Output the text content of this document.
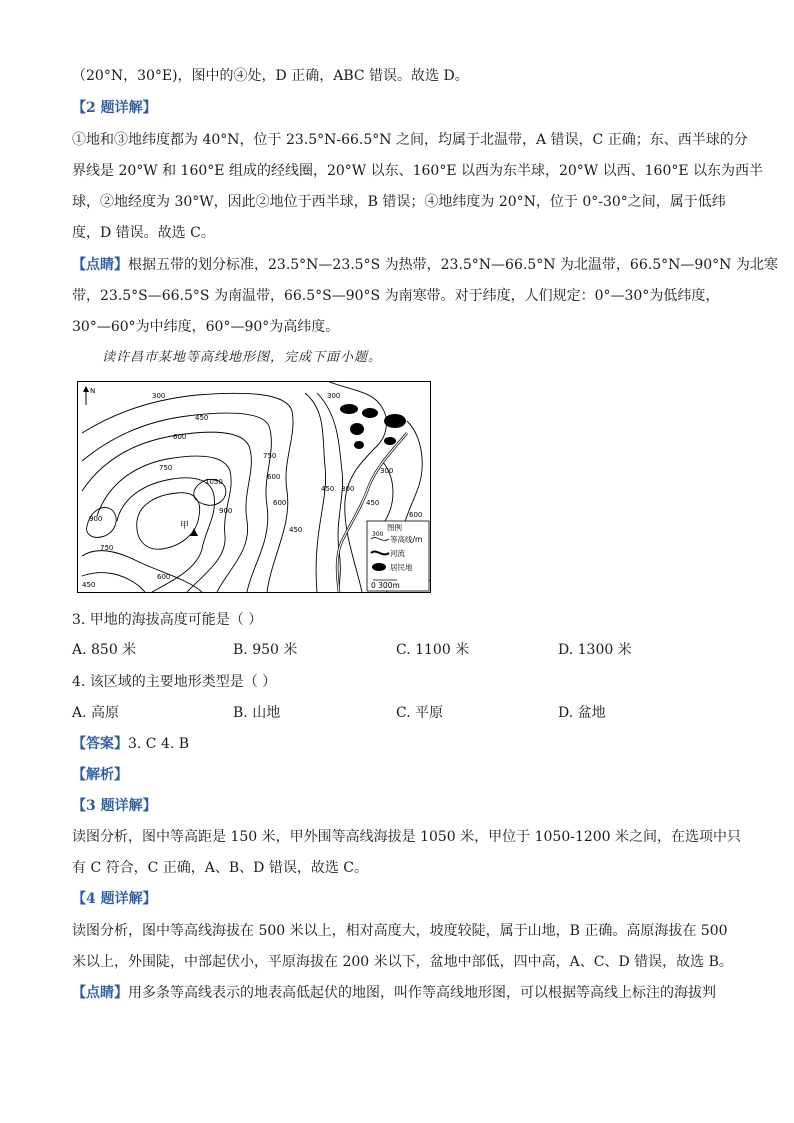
（20°N，30°E)，图中的④处，D 正确，ABC 错误。故选 D。
【2 题详解】
①地和③地纬度都为 40°N，位于 23.5°N-66.5°N 之间，均属于北温带，A 错误，C 正确；东、西半球的分
界线是 20°W 和 160°E 组成的经线圈，20°W 以东、160°E 以西为东半球，20°W 以西、160°E 以东为西半
球，②地经度为 30°W，因此②地位于西半球，B 错误；④地纬度为 20°N，位于 0°-30°之间，属于低纬
度，D 错误。故选 C。
【点睛】根据五带的划分标准，23.5°N—23.5°S 为热带，23.5°N—66.5°N 为北温带，66.5°N—90°N 为北寒
带，23.5°S—66.5°S 为南温带，66.5°S—90°S 为南寒带。对于纬度，人们规定：0°—30°为低纬度，
30°—60°为中纬度，60°—90°为高纬度。
读许昌市某地等高线地形图，完成下面小题。
N
300
450
600
750
1050
900
甲
900
750
600
450
450
600
750
600
450
300
300
450
600
300
图例
300
等高线/m
河流
居民地
0 300m
3. 甲地的海拔高度可能是（ ）
A. 850 米	B. 950 米	C. 1100 米	D. 1300 米
4. 该区域的主要地形类型是（ ）
A. 高原	B. 山地	C. 平原	D. 盆地
【答案】3. C 4. B
【解析】
【3 题详解】
读图分析，图中等高距是 150 米，甲外围等高线海拔是 1050 米，甲位于 1050-1200 米之间，在选项中只
有 C 符合，C 正确，A、B、D 错误，故选 C。
【4 题详解】
读图分析，图中等高线海拔在 500 米以上，相对高度大，坡度较陡，属于山地，B 正确。高原海拔在 500
米以上，外围陡，中部起伏小，平原海拔在 200 米以下，盆地中部低，四中高，A、C、D 错误，故选 B。
【点睛】用多条等高线表示的地表高低起伏的地图，叫作等高线地形图，可以根据等高线上标注的海拔判
